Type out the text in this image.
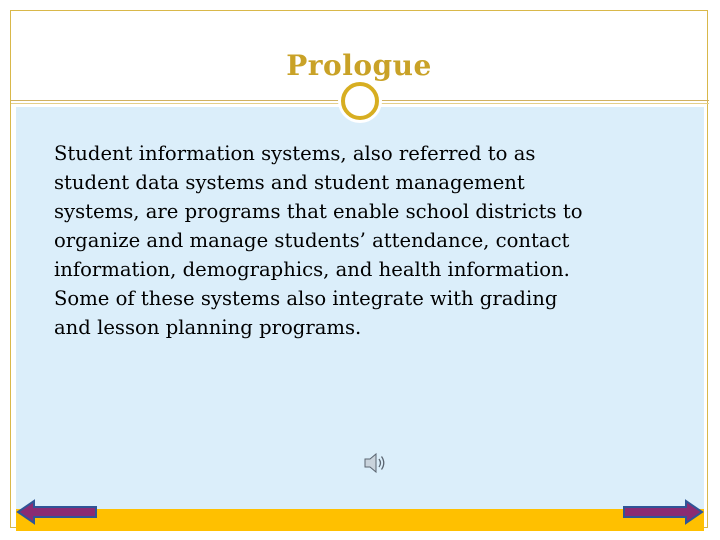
Prologue

Student information systems, also referred to as
student data systems and student management
systems, are programs that enable school districts to
organize and manage students’ attendance, contact
information, demographics, and health information.
Some of these systems also integrate with grading
and lesson planning programs.
